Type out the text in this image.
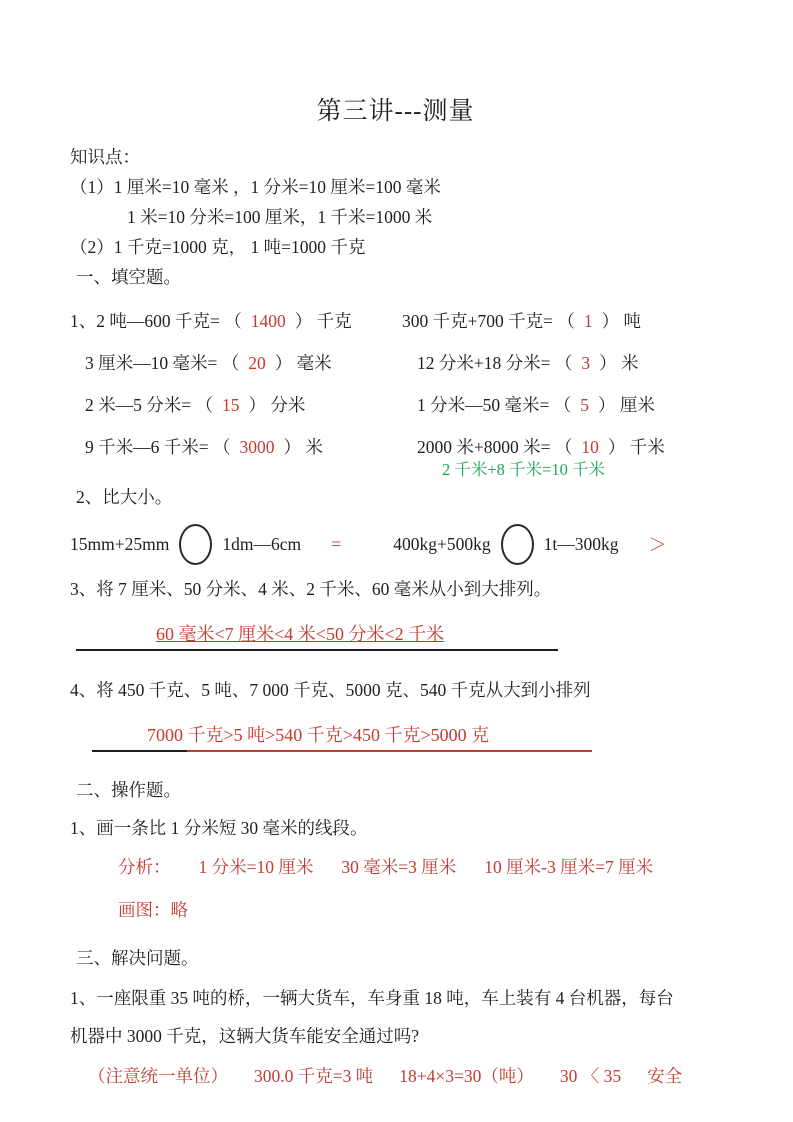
第三讲---测量

知识点：

（1）1 厘米=10 毫米 ，1 分米=10 厘米=100 毫米

1 米=10 分米=100 厘米，1 千米=1000 米

（2）1 千克=1000 克， 1 吨=1000 千克

一、填空题。

1、2 吨—600 千克= （ 1400 ） 千克	300 千克+700 千克= （ 1 ） 吨
3 厘米—10 毫米= （ 20 ） 毫米	12 分米+18 分米= （ 3 ） 米
2 米—5 分米= （ 15 ） 分米	1 分米—50 毫米= （ 5 ） 厘米
9 千米—6 千米= （ 3000 ） 米	2000 米+8000 米= （ 10 ） 千米

2 千米+8 千米=10 千米

2、比大小。

15mm+25mm	1dm—6cm =	400kg+500kg	1t—300kg ＞

3、将 7 厘米、50 分米、4 米、2 千米、60 毫米从小到大排列。

60 毫米<7 厘米<4 米<50 分米<2 千米

4、将 450 千克、5 吨、7 000 千克、5000 克、540 千克从大到小排列

7000 千克>5 吨>540 千克>450 千克>5000 克

二、操作题。

1、画一条比 1 分米短 30 毫米的线段。

分析： 1 分米=10 厘米 30 毫米=3 厘米 10 厘米-3 厘米=7 厘米

画图：略

三、解决问题。

1、一座限重 35 吨的桥，一辆大货车，车身重 18 吨，车上装有 4 台机器，每台

机器中 3000 千克，这辆大货车能安全通过吗?

（注意统一单位） 300.0 千克=3 吨 18+4×3=30（吨） 30 〈 35 安全
